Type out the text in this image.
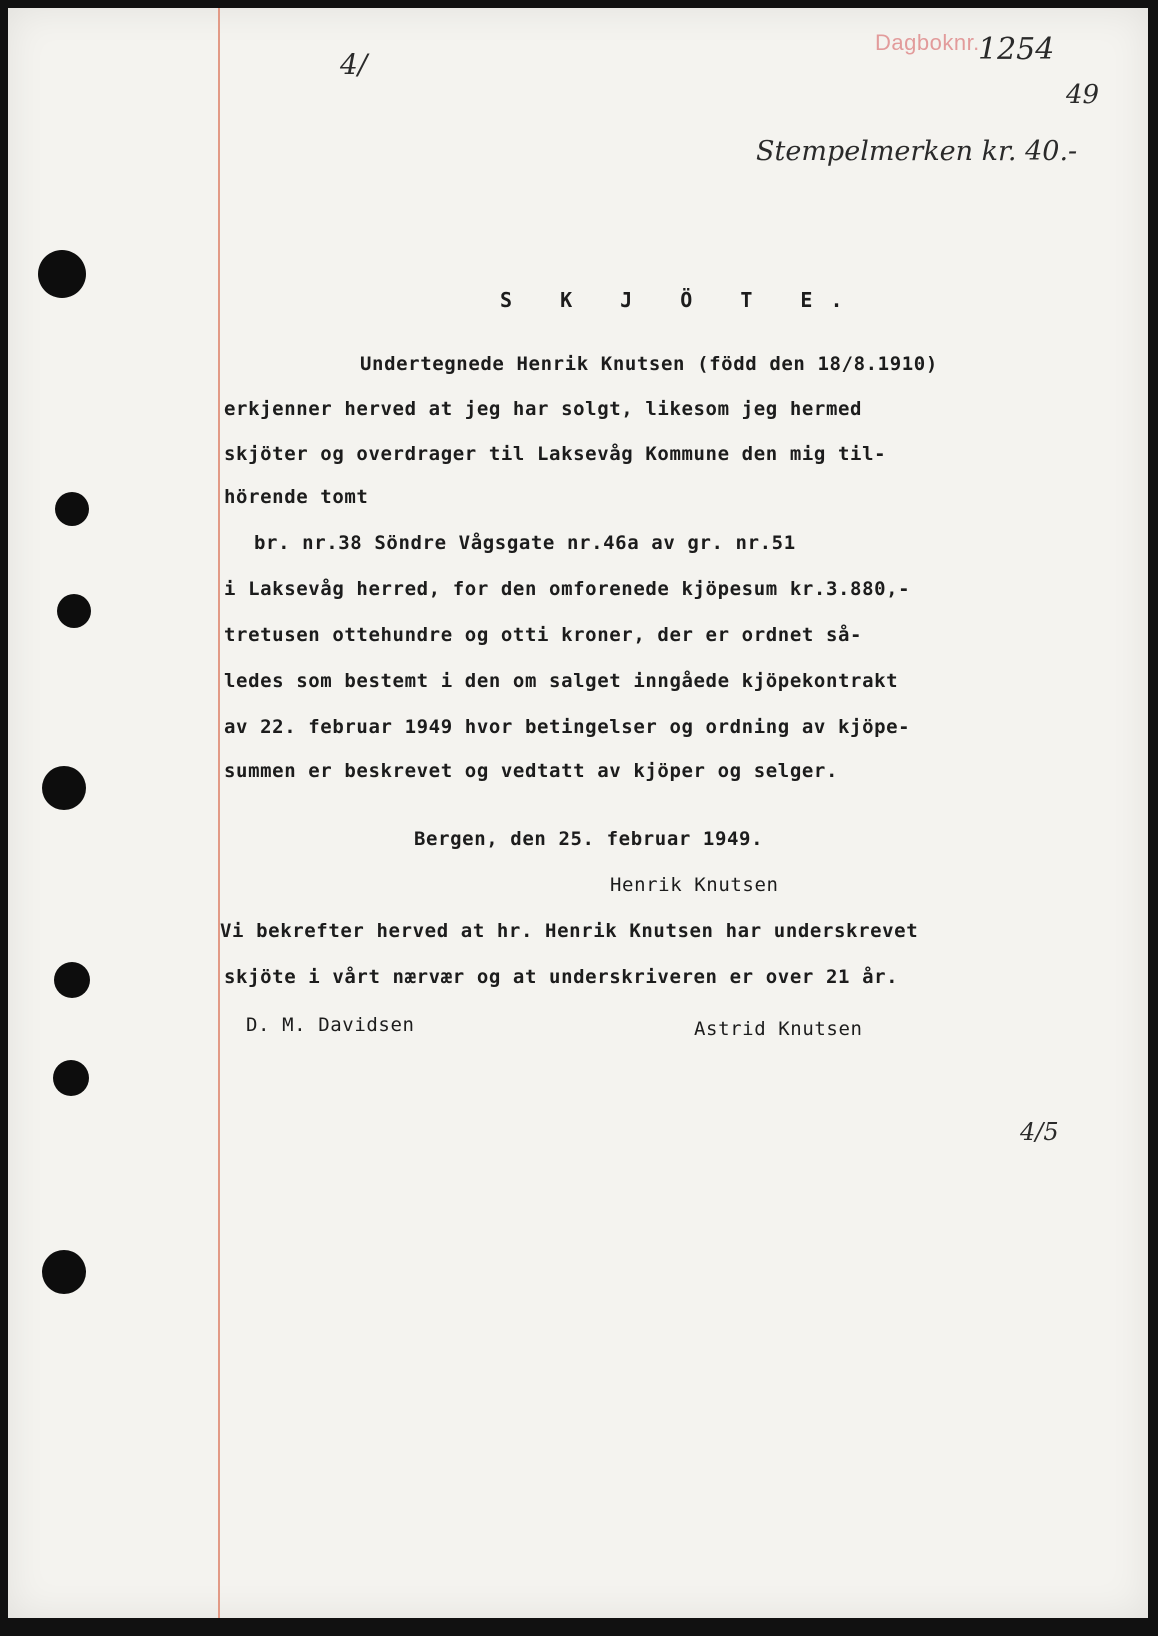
Dagboknr.
1254
49
4/
Stempelmerken kr. 40.-
4/5
S K J Ö T E.
Undertegnede Henrik Knutsen (född den 18/8.1910)
erkjenner herved at jeg har solgt, likesom jeg hermed
skjöter og overdrager til Laksevåg Kommune den mig til-
hörende tomt
br. nr.38 Söndre Vågsgate nr.46a av gr. nr.51
i Laksevåg herred, for den omforenede kjöpesum kr.3.880,-
tretusen ottehundre og otti kroner, der er ordnet så-
ledes som bestemt i den om salget inngåede kjöpekontrakt
av 22. februar 1949 hvor betingelser og ordning av kjöpe-
summen er beskrevet og vedtatt av kjöper og selger.
Bergen, den 25. februar 1949.
Henrik Knutsen
Vi bekrefter herved at hr. Henrik Knutsen har underskrevet
skjöte i vårt nærvær og at underskriveren er over 21 år.
D. M. Davidsen	Astrid Knutsen
